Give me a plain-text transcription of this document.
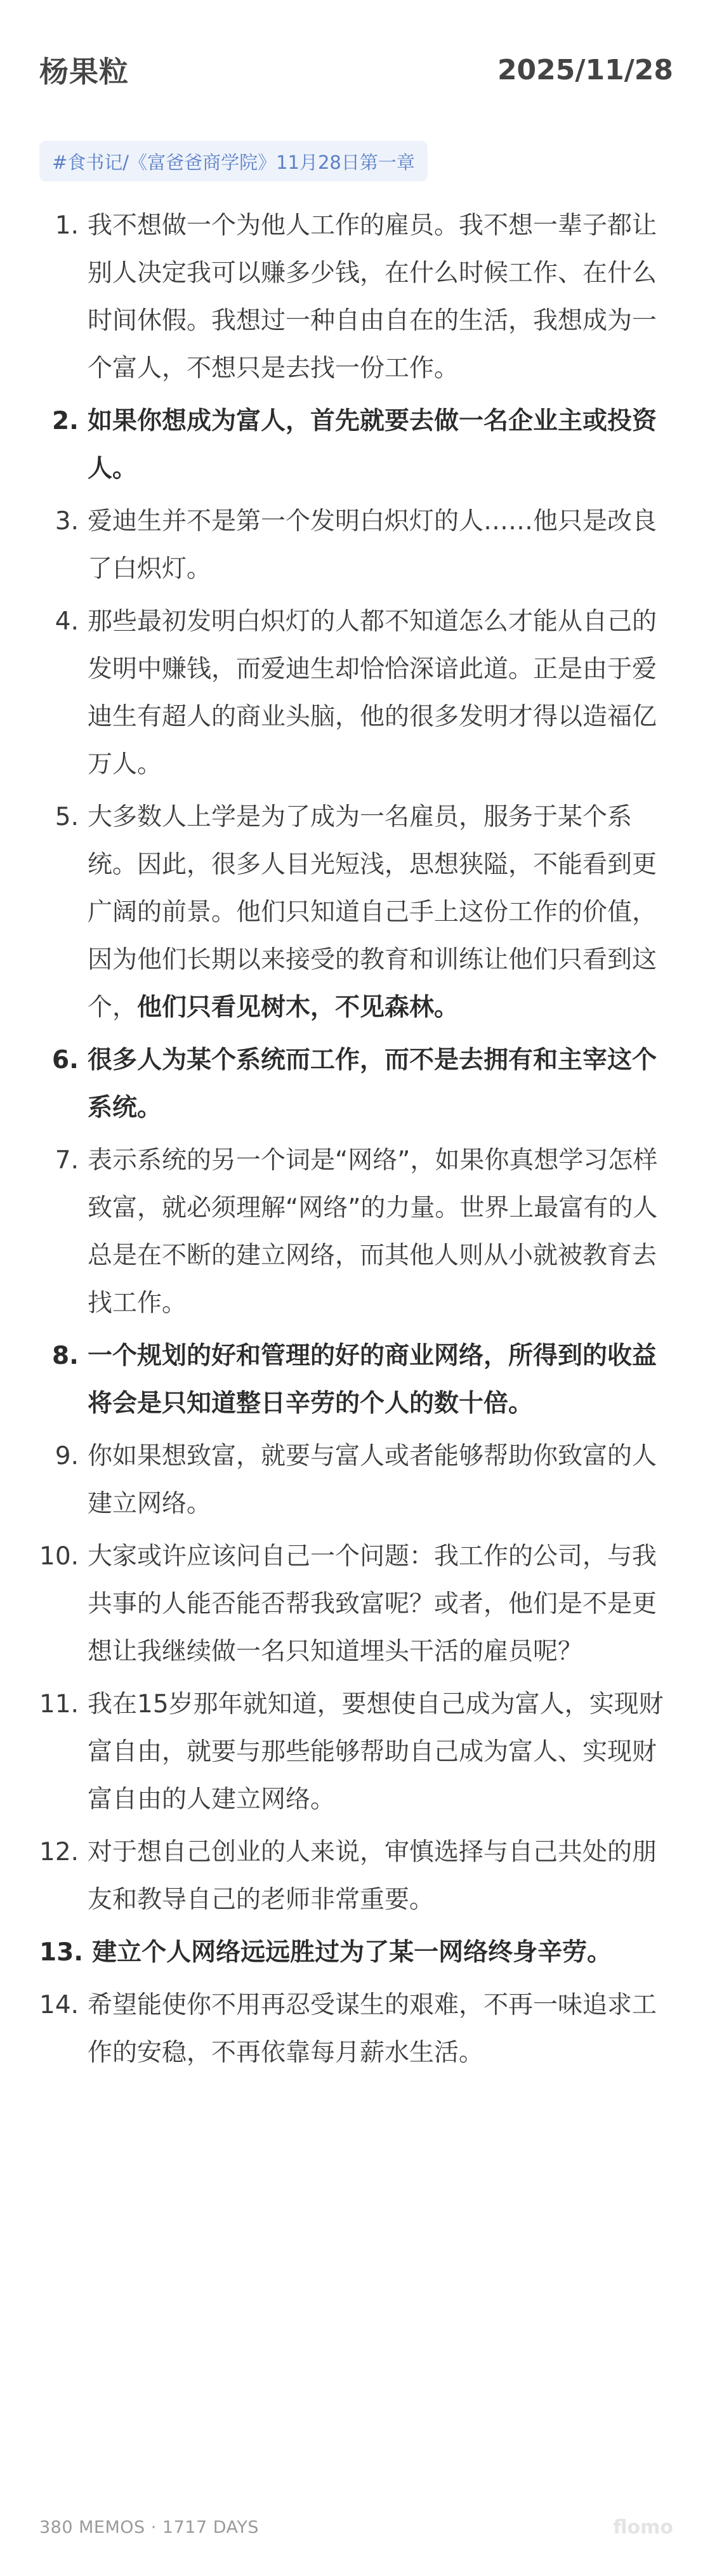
杨果粒	2025/11/28
#食书记/《富爸爸商学院》11月28日第一章
1. 我不想做一个为他人工作的雇员。我不想一辈子都让别人决定我可以赚多少钱，在什么时候工作、在什么时间休假。我想过一种自由自在的生活，我想成为一个富人，不想只是去找一份工作。
2. 如果你想成为富人，首先就要去做一名企业主或投资人。
3. 爱迪生并不是第一个发明白炽灯的人……他只是改良了白炽灯。
4. 那些最初发明白炽灯的人都不知道怎么才能从自己的发明中赚钱，而爱迪生却恰恰深谙此道。正是由于爱迪生有超人的商业头脑，他的很多发明才得以造福亿万人。
5. 大多数人上学是为了成为一名雇员，服务于某个系统。因此，很多人目光短浅，思想狭隘，不能看到更广阔的前景。他们只知道自己手上这份工作的价值，因为他们长期以来接受的教育和训练让他们只看到这个，他们只看见树木，不见森林。
6. 很多人为某个系统而工作，而不是去拥有和主宰这个系统。
7. 表示系统的另一个词是“网络”，如果你真想学习怎样致富，就必须理解“网络”的力量。世界上最富有的人总是在不断的建立网络，而其他人则从小就被教育去找工作。
8. 一个规划的好和管理的好的商业网络，所得到的收益将会是只知道整日辛劳的个人的数十倍。
9. 你如果想致富，就要与富人或者能够帮助你致富的人建立网络。
10. 大家或许应该问自己一个问题：我工作的公司，与我共事的人能否能否帮我致富呢？或者，他们是不是更想让我继续做一名只知道埋头干活的雇员呢？
11. 我在15岁那年就知道，要想使自己成为富人，实现财富自由，就要与那些能够帮助自己成为富人、实现财富自由的人建立网络。
12. 对于想自己创业的人来说，审慎选择与自己共处的朋友和教导自己的老师非常重要。
13. 建立个人网络远远胜过为了某一网络终身辛劳。
14. 希望能使你不用再忍受谋生的艰难，不再一味追求工作的安稳，不再依靠每月薪水生活。
380 MEMOS · 1717 DAYS	flomo
